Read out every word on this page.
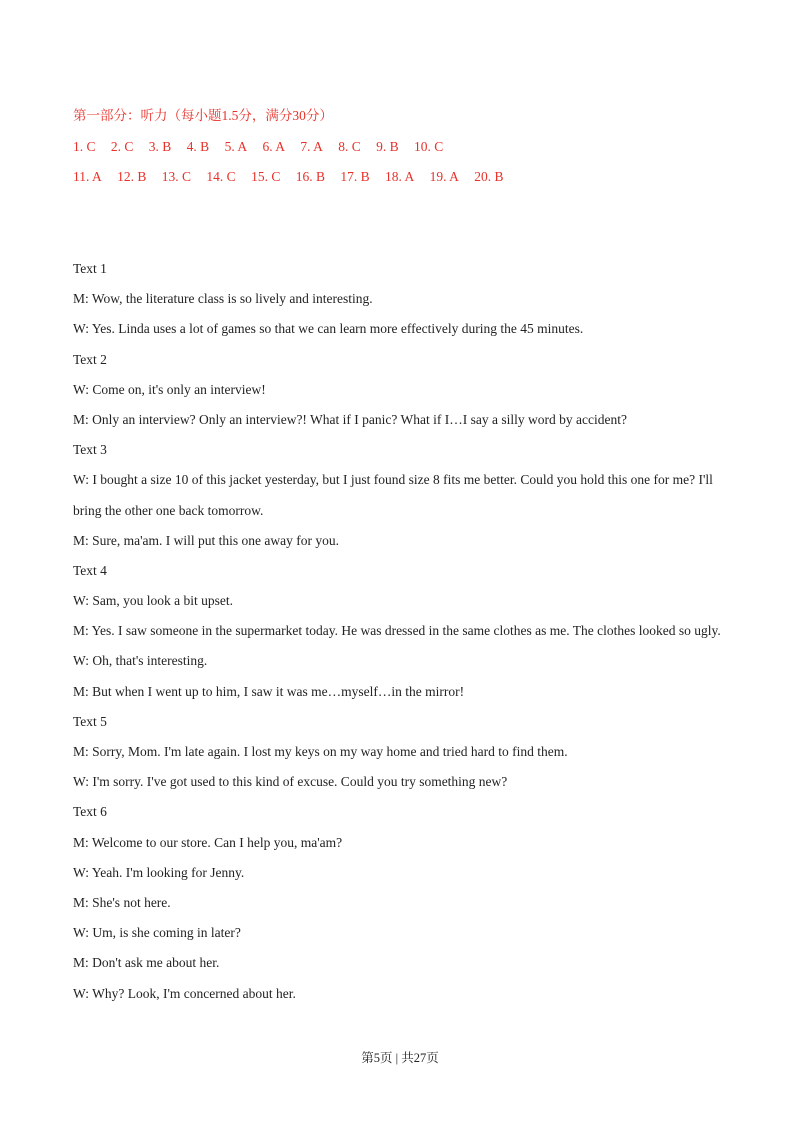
第一部分：听力（每小题1.5分，满分30分）
1. C 2. C 3. B 4. B 5. A 6. A 7. A 8. C 9. B 10. C
11. A 12. B 13. C 14. C 15. C 16. B 17. B 18. A 19. A 20. B
Text 1
M: Wow, the literature class is so lively and interesting.
W: Yes. Linda uses a lot of games so that we can learn more effectively during the 45 minutes.
Text 2
W: Come on, it's only an interview!
M: Only an interview? Only an interview?! What if I panic? What if I…I say a silly word by accident?
Text 3
W: I bought a size 10 of this jacket yesterday, but I just found size 8 fits me better. Could you hold this one for me? I'll bring the other one back tomorrow.
M: Sure, ma'am. I will put this one away for you.
Text 4
W: Sam, you look a bit upset.
M: Yes. I saw someone in the supermarket today. He was dressed in the same clothes as me. The clothes looked so ugly.
W: Oh, that's interesting.
M: But when I went up to him, I saw it was me…myself…in the mirror!
Text 5
M: Sorry, Mom. I'm late again. I lost my keys on my way home and tried hard to find them.
W: I'm sorry. I've got used to this kind of excuse. Could you try something new?
Text 6
M: Welcome to our store. Can I help you, ma'am?
W: Yeah. I'm looking for Jenny.
M: She's not here.
W: Um, is she coming in later?
M: Don't ask me about her.
W: Why? Look, I'm concerned about her.
第5页 | 共27页
